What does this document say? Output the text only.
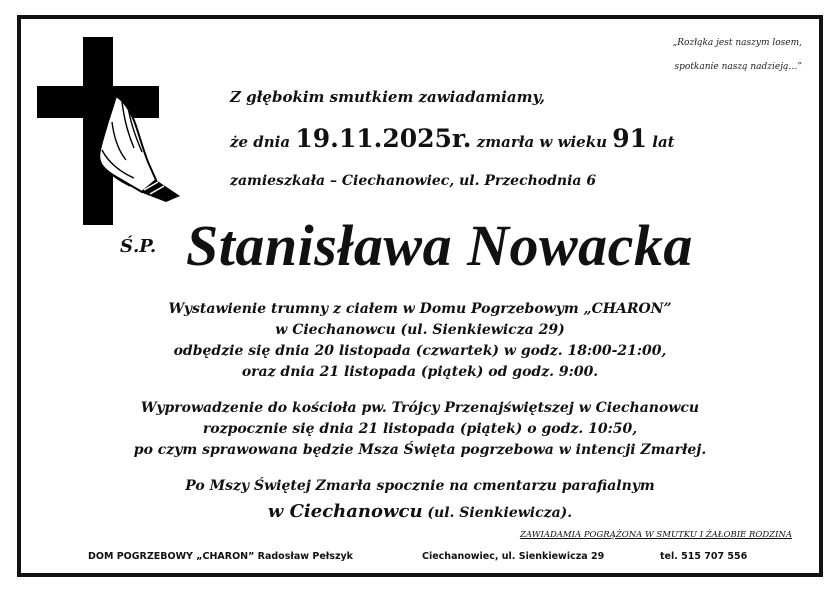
„Rozłąka jest naszym losem,
spotkanie naszą nadzieją…”
Z głębokim smutkiem zawiadamiamy,
że dnia 19.11.2025r. zmarła w wieku 91 lat
zamieszkała – Ciechanowiec, ul. Przechodnia 6
Ś.P. Stanisława Nowacka
Wystawienie trumny z ciałem w Domu Pogrzebowym „CHARON”
w Ciechanowcu (ul. Sienkiewicza 29)
odbędzie się dnia 20 listopada (czwartek) w godz. 18:00-21:00,
oraz dnia 21 listopada (piątek) od godz. 9:00.
Wyprowadzenie do kościoła pw. Trójcy Przenajświętszej w Ciechanowcu
rozpocznie się dnia 21 listopada (piątek) o godz. 10:50,
po czym sprawowana będzie Msza Święta pogrzebowa w intencji Zmarłej.
Po Mszy Świętej Zmarła spocznie na cmentarzu parafialnym
w Ciechanowcu (ul. Sienkiewicza).
ZAWIADAMIA POGRĄŻONA W SMUTKU I ŻAŁOBIE RODZINA
DOM POGRZEBOWY „CHARON” Radosław Pełszyk	Ciechanowiec, ul. Sienkiewicza 29	tel. 515 707 556
